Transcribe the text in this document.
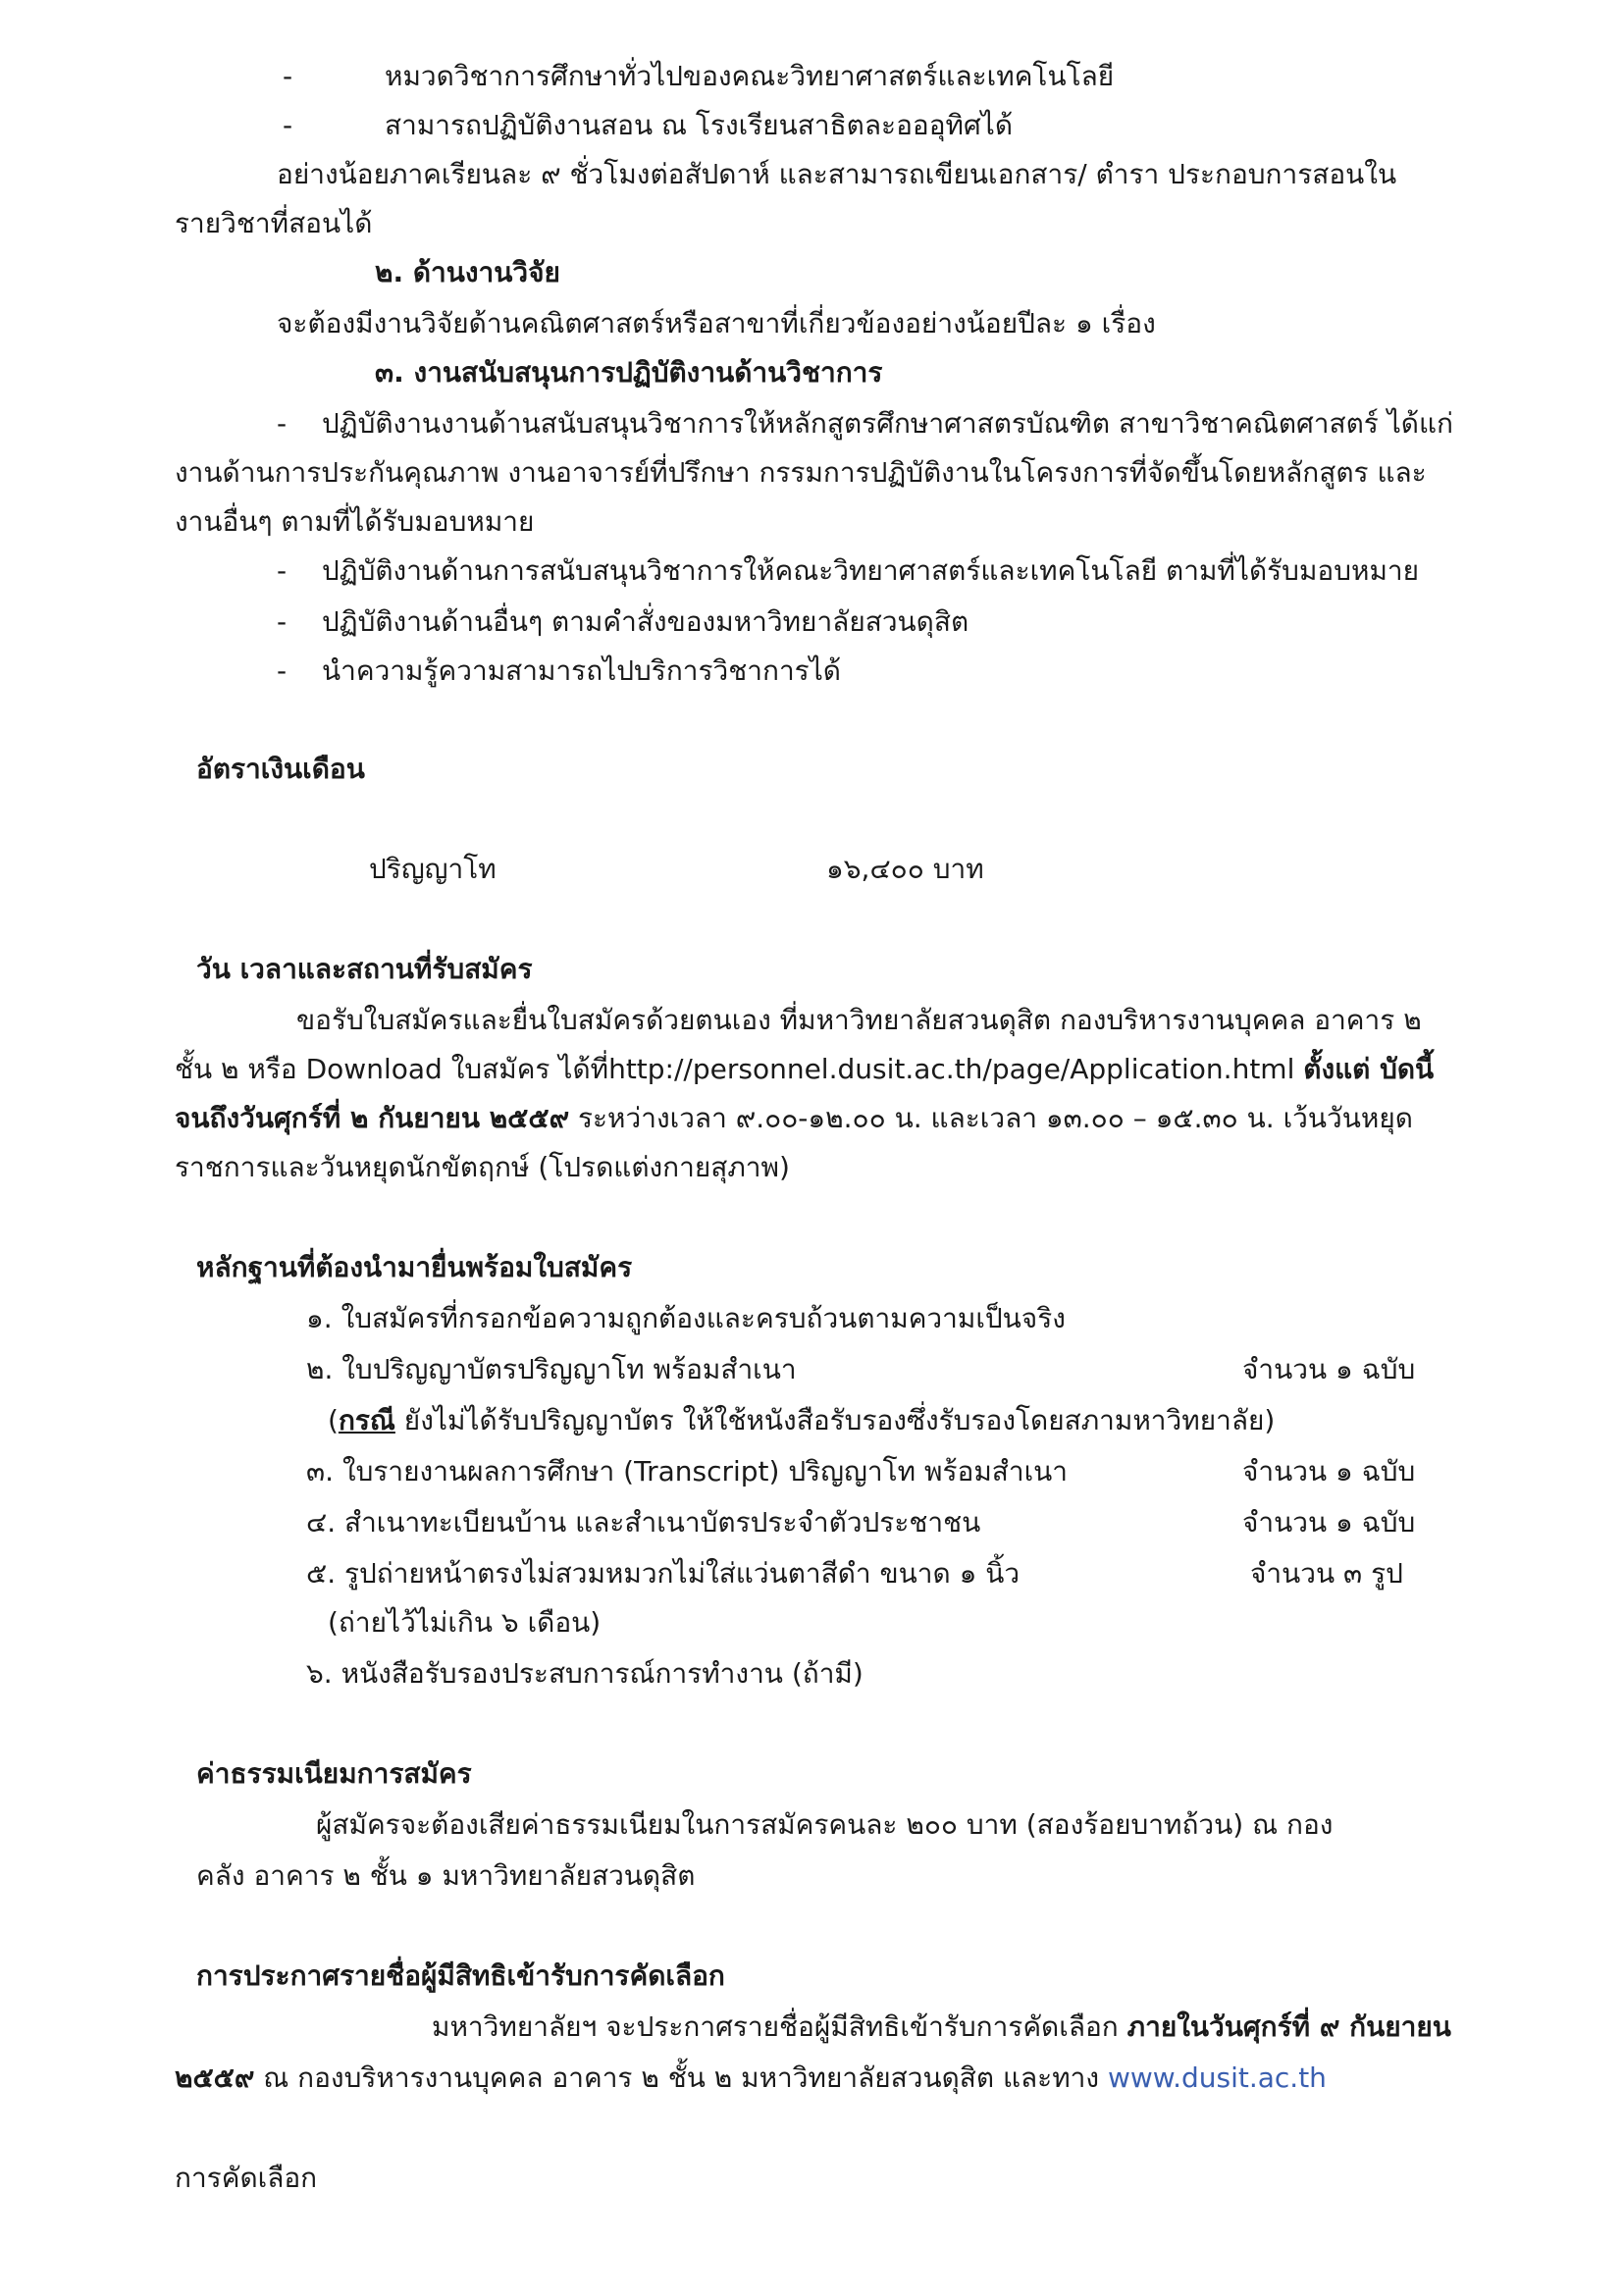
-	หมวดวิชาการศึกษาทั่วไปของคณะวิทยาศาสตร์และเทคโนโลยี
-	สามารถปฏิบัติงานสอน ณ โรงเรียนสาธิตละอออุทิศได้
อย่างน้อยภาคเรียนละ ๙ ชั่วโมงต่อสัปดาห์ และสามารถเขียนเอกสาร/ ตำรา ประกอบการสอนใน
รายวิชาที่สอนได้
๒. ด้านงานวิจัย
จะต้องมีงานวิจัยด้านคณิตศาสตร์หรือสาขาที่เกี่ยวข้องอย่างน้อยปีละ ๑ เรื่อง
๓. งานสนับสนุนการปฏิบัติงานด้านวิชาการ
- ปฏิบัติงานงานด้านสนับสนุนวิชาการให้หลักสูตรศึกษาศาสตรบัณฑิต สาขาวิชาคณิตศาสตร์ ได้แก่
งานด้านการประกันคุณภาพ งานอาจารย์ที่ปรึกษา กรรมการปฏิบัติงานในโครงการที่จัดขึ้นโดยหลักสูตร และ
งานอื่นๆ ตามที่ได้รับมอบหมาย
- ปฏิบัติงานด้านการสนับสนุนวิชาการให้คณะวิทยาศาสตร์และเทคโนโลยี ตามที่ได้รับมอบหมาย
- ปฏิบัติงานด้านอื่นๆ ตามคำสั่งของมหาวิทยาลัยสวนดุสิต
- นำความรู้ความสามารถไปบริการวิชาการได้
อัตราเงินเดือน
ปริญญาโท	๑๖,๔๐๐ บาท
วัน เวลาและสถานที่รับสมัคร
ขอรับใบสมัครและยื่นใบสมัครด้วยตนเอง ที่มหาวิทยาลัยสวนดุสิต กองบริหารงานบุคคล อาคาร ๒
ชั้น ๒ หรือ Download ใบสมัคร ได้ที่http://personnel.dusit.ac.th/page/Application.html ตั้งแต่ บัดนี้
จนถึงวันศุกร์ที่ ๒ กันยายน ๒๕๕๙ ระหว่างเวลา ๙.๐๐-๑๒.๐๐ น. และเวลา ๑๓.๐๐ – ๑๕.๓๐ น. เว้นวันหยุด
ราชการและวันหยุดนักขัตฤกษ์ (โปรดแต่งกายสุภาพ)
หลักฐานที่ต้องนำมายื่นพร้อมใบสมัคร
๑. ใบสมัครที่กรอกข้อความถูกต้องและครบถ้วนตามความเป็นจริง
๒. ใบปริญญาบัตรปริญญาโท พร้อมสำเนา	จำนวน ๑ ฉบับ
(กรณี ยังไม่ได้รับปริญญาบัตร ให้ใช้หนังสือรับรองซึ่งรับรองโดยสภามหาวิทยาลัย)
๓. ใบรายงานผลการศึกษา (Transcript) ปริญญาโท พร้อมสำเนา	จำนวน ๑ ฉบับ
๔. สำเนาทะเบียนบ้าน และสำเนาบัตรประจำตัวประชาชน	จำนวน ๑ ฉบับ
๕. รูปถ่ายหน้าตรงไม่สวมหมวกไม่ใส่แว่นตาสีดำ ขนาด ๑ นิ้ว	จำนวน ๓ รูป
(ถ่ายไว้ไม่เกิน ๖ เดือน)
๖. หนังสือรับรองประสบการณ์การทำงาน (ถ้ามี)
ค่าธรรมเนียมการสมัคร
ผู้สมัครจะต้องเสียค่าธรรมเนียมในการสมัครคนละ ๒๐๐ บาท (สองร้อยบาทถ้วน) ณ กอง
คลัง อาคาร ๒ ชั้น ๑ มหาวิทยาลัยสวนดุสิต
การประกาศรายชื่อผู้มีสิทธิเข้ารับการคัดเลือก
มหาวิทยาลัยฯ จะประกาศรายชื่อผู้มีสิทธิเข้ารับการคัดเลือก ภายในวันศุกร์ที่ ๙ กันยายน
๒๕๕๙ ณ กองบริหารงานบุคคล อาคาร ๒ ชั้น ๒ มหาวิทยาลัยสวนดุสิต และทาง www.dusit.ac.th
การคัดเลือก
